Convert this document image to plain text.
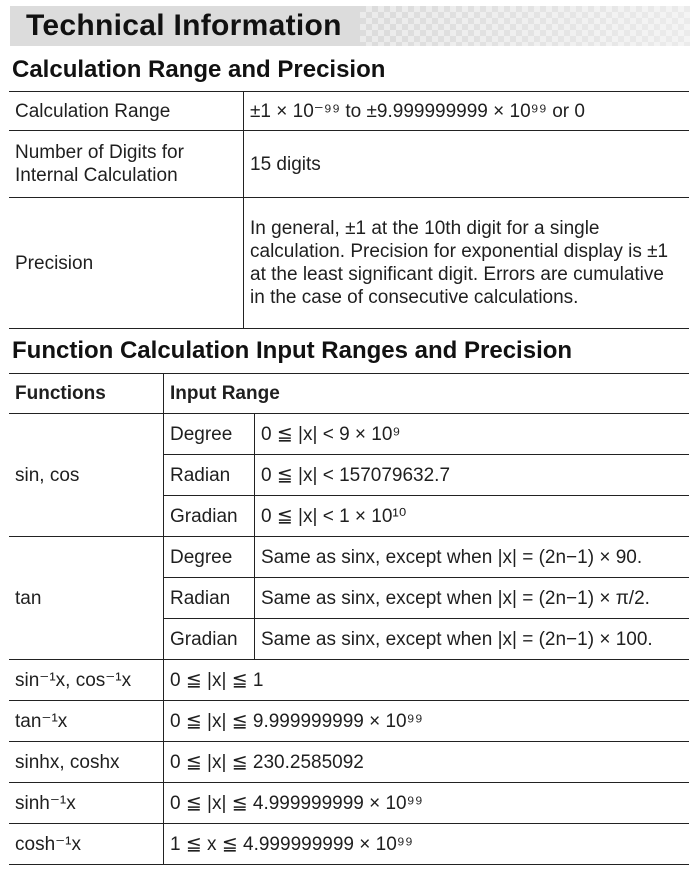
Technical Information
Calculation Range and Precision
Calculation Range	±1 × 10⁻⁹⁹ to ±9.999999999 × 10⁹⁹ or 0
Number of Digits for Internal Calculation	15 digits
Precision	In general, ±1 at the 10th digit for a single calculation. Precision for exponential display is ±1 at the least significant digit. Errors are cumulative in the case of consecutive calculations.
Function Calculation Input Ranges and Precision
Functions	Input Range	
sin, cos	Degree	0 ≦ |x| < 9 × 10⁹
	Radian	0 ≦ |x| < 157079632.7
	Gradian	0 ≦ |x| < 1 × 10¹⁰
tan	Degree	Same as sinx, except when |x| = (2n−1) × 90.
	Radian	Same as sinx, except when |x| = (2n−1) × π/2.
	Gradian	Same as sinx, except when |x| = (2n−1) × 100.
sin⁻¹x, cos⁻¹x	0 ≦ |x| ≦ 1	
tan⁻¹x	0 ≦ |x| ≦ 9.999999999 × 10⁹⁹	
sinhx, coshx	0 ≦ |x| ≦ 230.2585092	
sinh⁻¹x	0 ≦ |x| ≦ 4.999999999 × 10⁹⁹	
cosh⁻¹x	1 ≦ x ≦ 4.999999999 × 10⁹⁹	
